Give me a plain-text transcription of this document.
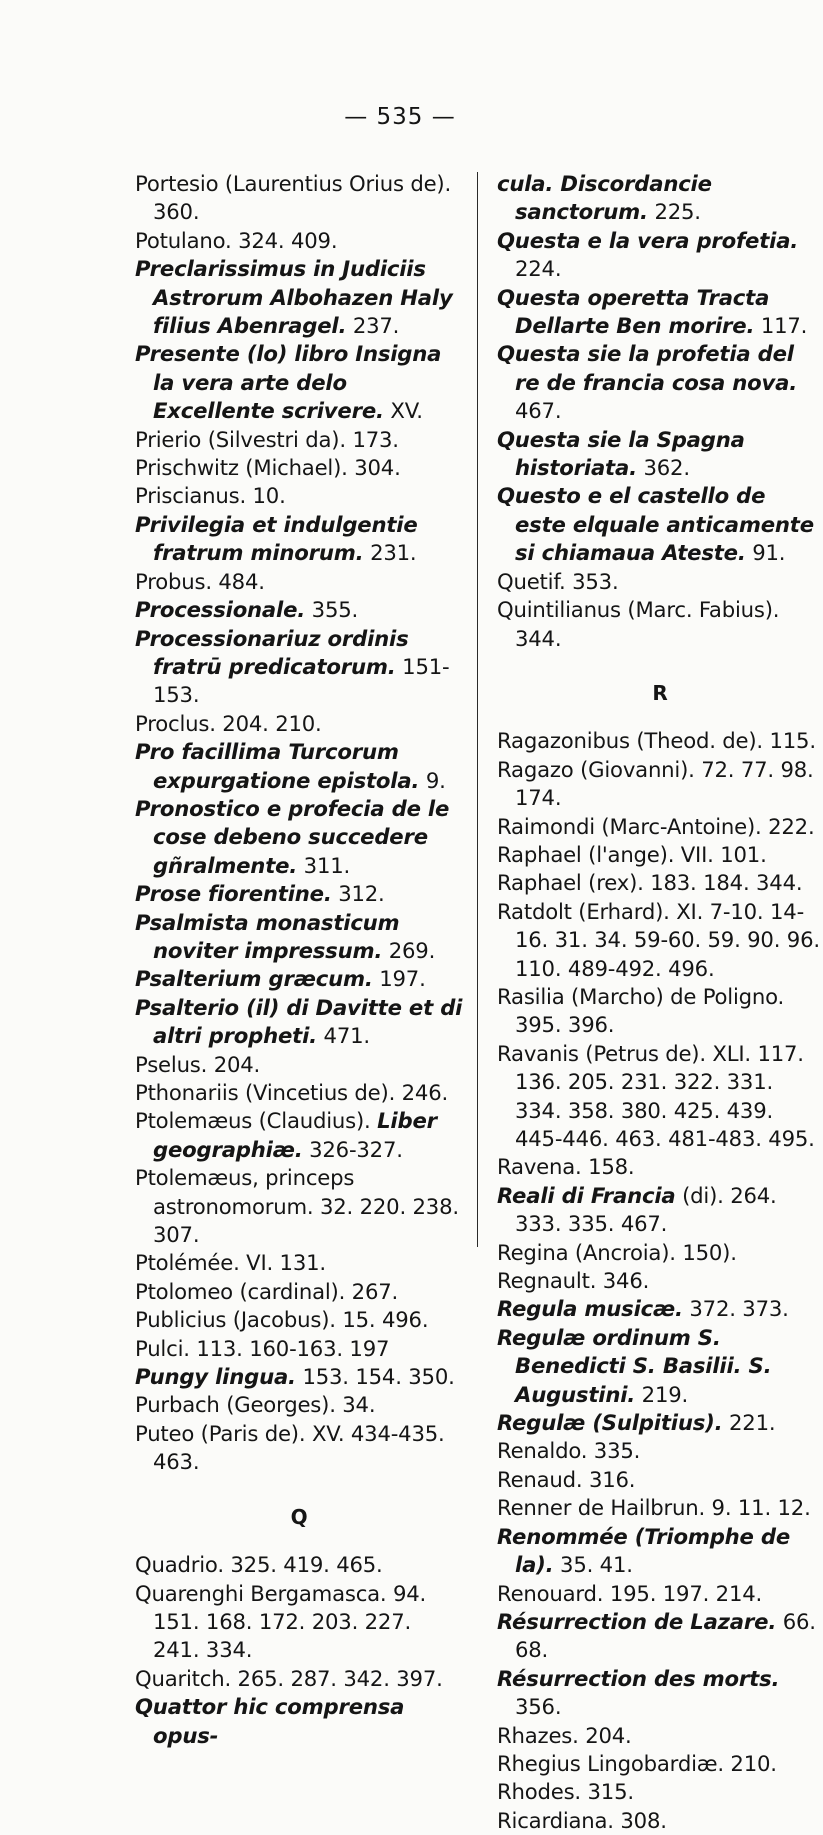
— 535 —
Portesio (Laurentius Orius de). 360.
Potulano. 324. 409.
Preclarissimus in Judiciis Astrorum Albohazen Haly filius Abenragel. 237.
Presente (lo) libro Insigna la vera arte delo Excellente scrivere. XV.
Prierio (Silvestri da). 173.
Prischwitz (Michael). 304.
Priscianus. 10.
Privilegia et indulgentie fratrum minorum. 231.
Probus. 484.
Processionale. 355.
Processionariuz ordinis fratrū predicatorum. 151-153.
Proclus. 204. 210.
Pro facillima Turcorum expurgatione epistola. 9.
Pronostico e profecia de le cose debeno succedere gñralmente. 311.
Prose fiorentine. 312.
Psalmista monasticum noviter impressum. 269.
Psalterium græcum. 197.
Psalterio (il) di Davitte et di altri propheti. 471.
Pselus. 204.
Pthonariis (Vincetius de). 246.
Ptolemæus (Claudius). Liber geographiæ. 326-327.
Ptolemæus, princeps astronomorum. 32. 220. 238. 307.
Ptolémée. VI. 131.
Ptolomeo (cardinal). 267.
Publicius (Jacobus). 15. 496.
Pulci. 113. 160-163. 197
Pungy lingua. 153. 154. 350.
Purbach (Georges). 34.
Puteo (Paris de). XV. 434-435. 463.
Q
Quadrio. 325. 419. 465.
Quarenghi Bergamasca. 94. 151. 168. 172. 203. 227. 241. 334.
Quaritch. 265. 287. 342. 397.
Quattor hic comprensa opus-
cula. Discordancie sanctorum. 225.
Questa e la vera profetia. 224.
Questa operetta Tracta Dellarte Ben morire. 117.
Questa sie la profetia del re de francia cosa nova. 467.
Questa sie la Spagna historiata. 362.
Questo e el castello de este elquale anticamente si chiamaua Ateste. 91.
Quetif. 353.
Quintilianus (Marc. Fabius). 344.
R
Ragazonibus (Theod. de). 115.
Ragazo (Giovanni). 72. 77. 98. 174.
Raimondi (Marc-Antoine). 222.
Raphael (l'ange). VII. 101.
Raphael (rex). 183. 184. 344.
Ratdolt (Erhard). XI. 7-10. 14-16. 31. 34. 59-60. 59. 90. 96. 110. 489-492. 496.
Rasilia (Marcho) de Poligno. 395. 396.
Ravanis (Petrus de). XLI. 117. 136. 205. 231. 322. 331. 334. 358. 380. 425. 439. 445-446. 463. 481-483. 495.
Ravena. 158.
Reali di Francia (di). 264. 333. 335. 467.
Regina (Ancroia). 150).
Regnault. 346.
Regula musicæ. 372. 373.
Regulæ ordinum S. Benedicti S. Basilii. S. Augustini. 219.
Regulæ (Sulpitius). 221.
Renaldo. 335.
Renaud. 316.
Renner de Hailbrun. 9. 11. 12.
Renommée (Triomphe de la). 35. 41.
Renouard. 195. 197. 214.
Résurrection de Lazare. 66. 68.
Résurrection des morts. 356.
Rhazes. 204.
Rhegius Lingobardiæ. 210.
Rhodes. 315.
Ricardiana. 308.
